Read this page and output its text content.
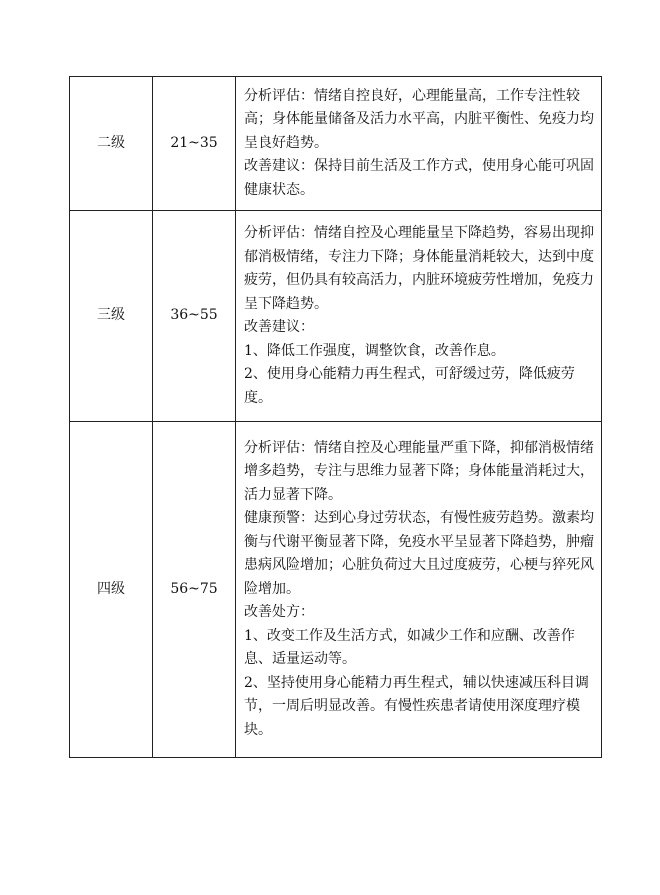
二级	21~35	分析评估：情绪自控良好，心理能量高，工作专注性较高；身体能量储备及活力水平高，内脏平衡性、免疫力均呈良好趋势。

改善建议：保持目前生活及工作方式，使用身心能可巩固健康状态。

三级	36~55	分析评估：情绪自控及心理能量呈下降趋势，容易出现抑郁消极情绪，专注力下降；身体能量消耗较大，达到中度疲劳，但仍具有较高活力，内脏环境疲劳性增加，免疫力呈下降趋势。

改善建议：

1、降低工作强度，调整饮食，改善作息。

2、使用身心能精力再生程式，可舒缓过劳，降低疲劳度。

四级	56~75	分析评估：情绪自控及心理能量严重下降，抑郁消极情绪增多趋势，专注与思维力显著下降；身体能量消耗过大，活力显著下降。

健康预警：达到心身过劳状态，有慢性疲劳趋势。激素均衡与代谢平衡显著下降，免疫水平呈显著下降趋势，肿瘤患病风险增加；心脏负荷过大且过度疲劳，心梗与猝死风险增加。

改善处方：

1、改变工作及生活方式，如减少工作和应酬、改善作息、适量运动等。

2、坚持使用身心能精力再生程式，辅以快速减压科目调节，一周后明显改善。有慢性疾患者请使用深度理疗模块。
